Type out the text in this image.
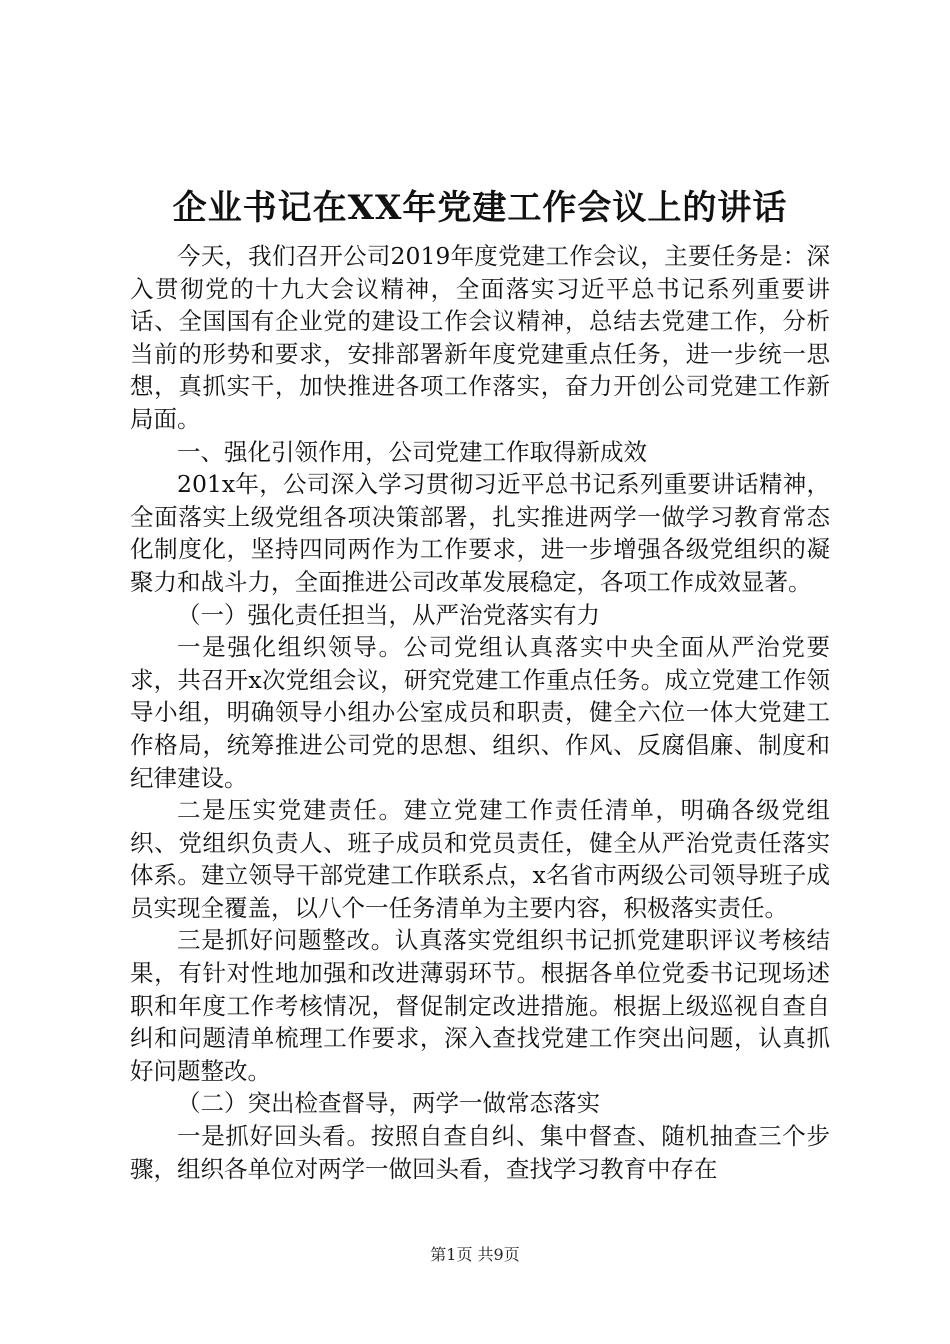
企业书记在XX年党建工作会议上的讲话

今天，我们召开公司2019年度党建工作会议，主要任务是：深入贯彻党的十九大会议精神，全面落实习近平总书记系列重要讲话、全国国有企业党的建设工作会议精神，总结去党建工作，分析当前的形势和要求，安排部署新年度党建重点任务，进一步统一思想，真抓实干，加快推进各项工作落实，奋力开创公司党建工作新局面。

一、强化引领作用，公司党建工作取得新成效

201x年，公司深入学习贯彻习近平总书记系列重要讲话精神，全面落实上级党组各项决策部署，扎实推进两学一做学习教育常态化制度化，坚持四同两作为工作要求，进一步增强各级党组织的凝聚力和战斗力，全面推进公司改革发展稳定，各项工作成效显著。

（一）强化责任担当，从严治党落实有力

一是强化组织领导。公司党组认真落实中央全面从严治党要求，共召开x次党组会议，研究党建工作重点任务。成立党建工作领导小组，明确领导小组办公室成员和职责，健全六位一体大党建工作格局，统筹推进公司党的思想、组织、作风、反腐倡廉、制度和纪律建设。

二是压实党建责任。建立党建工作责任清单，明确各级党组织、党组织负责人、班子成员和党员责任，健全从严治党责任落实体系。建立领导干部党建工作联系点，x名省市两级公司领导班子成员实现全覆盖，以八个一任务清单为主要内容，积极落实责任。

三是抓好问题整改。认真落实党组织书记抓党建职评议考核结果，有针对性地加强和改进薄弱环节。根据各单位党委书记现场述职和年度工作考核情况，督促制定改进措施。根据上级巡视自查自纠和问题清单梳理工作要求，深入查找党建工作突出问题，认真抓好问题整改。

（二）突出检查督导，两学一做常态落实

一是抓好回头看。按照自查自纠、集中督查、随机抽查三个步骤，组织各单位对两学一做回头看，查找学习教育中存在

第1页 共9页
